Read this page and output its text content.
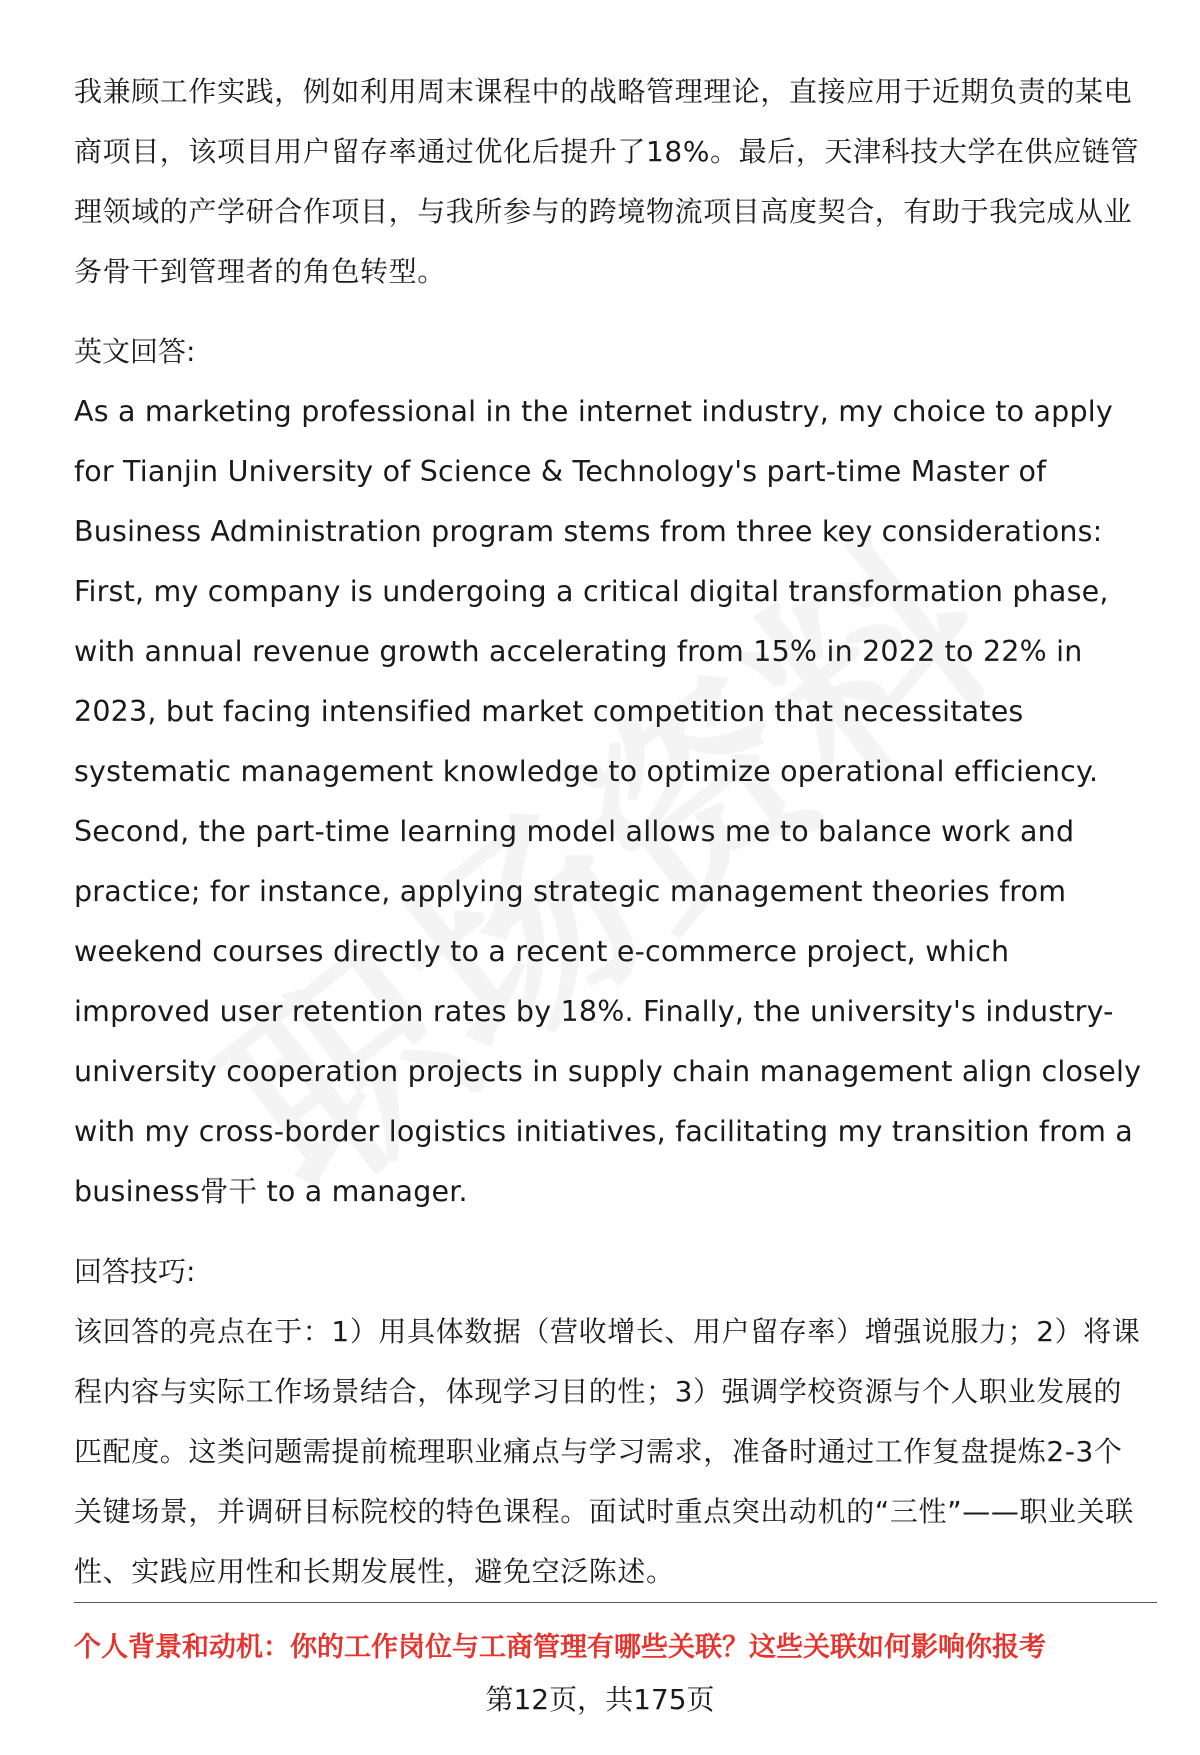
我兼顾工作实践，例如利用周末课程中的战略管理理论，直接应用于近期负责的某电商项目，该项目用户留存率通过优化后提升了18%。最后，天津科技大学在供应链管理领域的产学研合作项目，与我所参与的跨境物流项目高度契合，有助于我完成从业务骨干到管理者的角色转型。

英文回答:

As a marketing professional in the internet industry, my choice to apply for Tianjin University of Science & Technology's part-time Master of Business Administration program stems from three key considerations: First, my company is undergoing a critical digital transformation phase, with annual revenue growth accelerating from 15% in 2022 to 22% in 2023, but facing intensified market competition that necessitates systematic management knowledge to optimize operational efficiency. Second, the part-time learning model allows me to balance work and practice; for instance, applying strategic management theories from weekend courses directly to a recent e-commerce project, which improved user retention rates by 18%. Finally, the university's industry-university cooperation projects in supply chain management align closely with my cross-border logistics initiatives, facilitating my transition from a business骨干 to a manager.

回答技巧:

该回答的亮点在于：1）用具体数据（营收增长、用户留存率）增强说服力；2）将课程内容与实际工作场景结合，体现学习目的性；3）强调学校资源与个人职业发展的匹配度。这类问题需提前梳理职业痛点与学习需求，准备时通过工作复盘提炼2-3个关键场景，并调研目标院校的特色课程。面试时重点突出动机的“三性”——职业关联性、实践应用性和长期发展性，避免空泛陈述。

个人背景和动机：你的工作岗位与工商管理有哪些关联？这些关联如何影响你报考
第12页，共175页
